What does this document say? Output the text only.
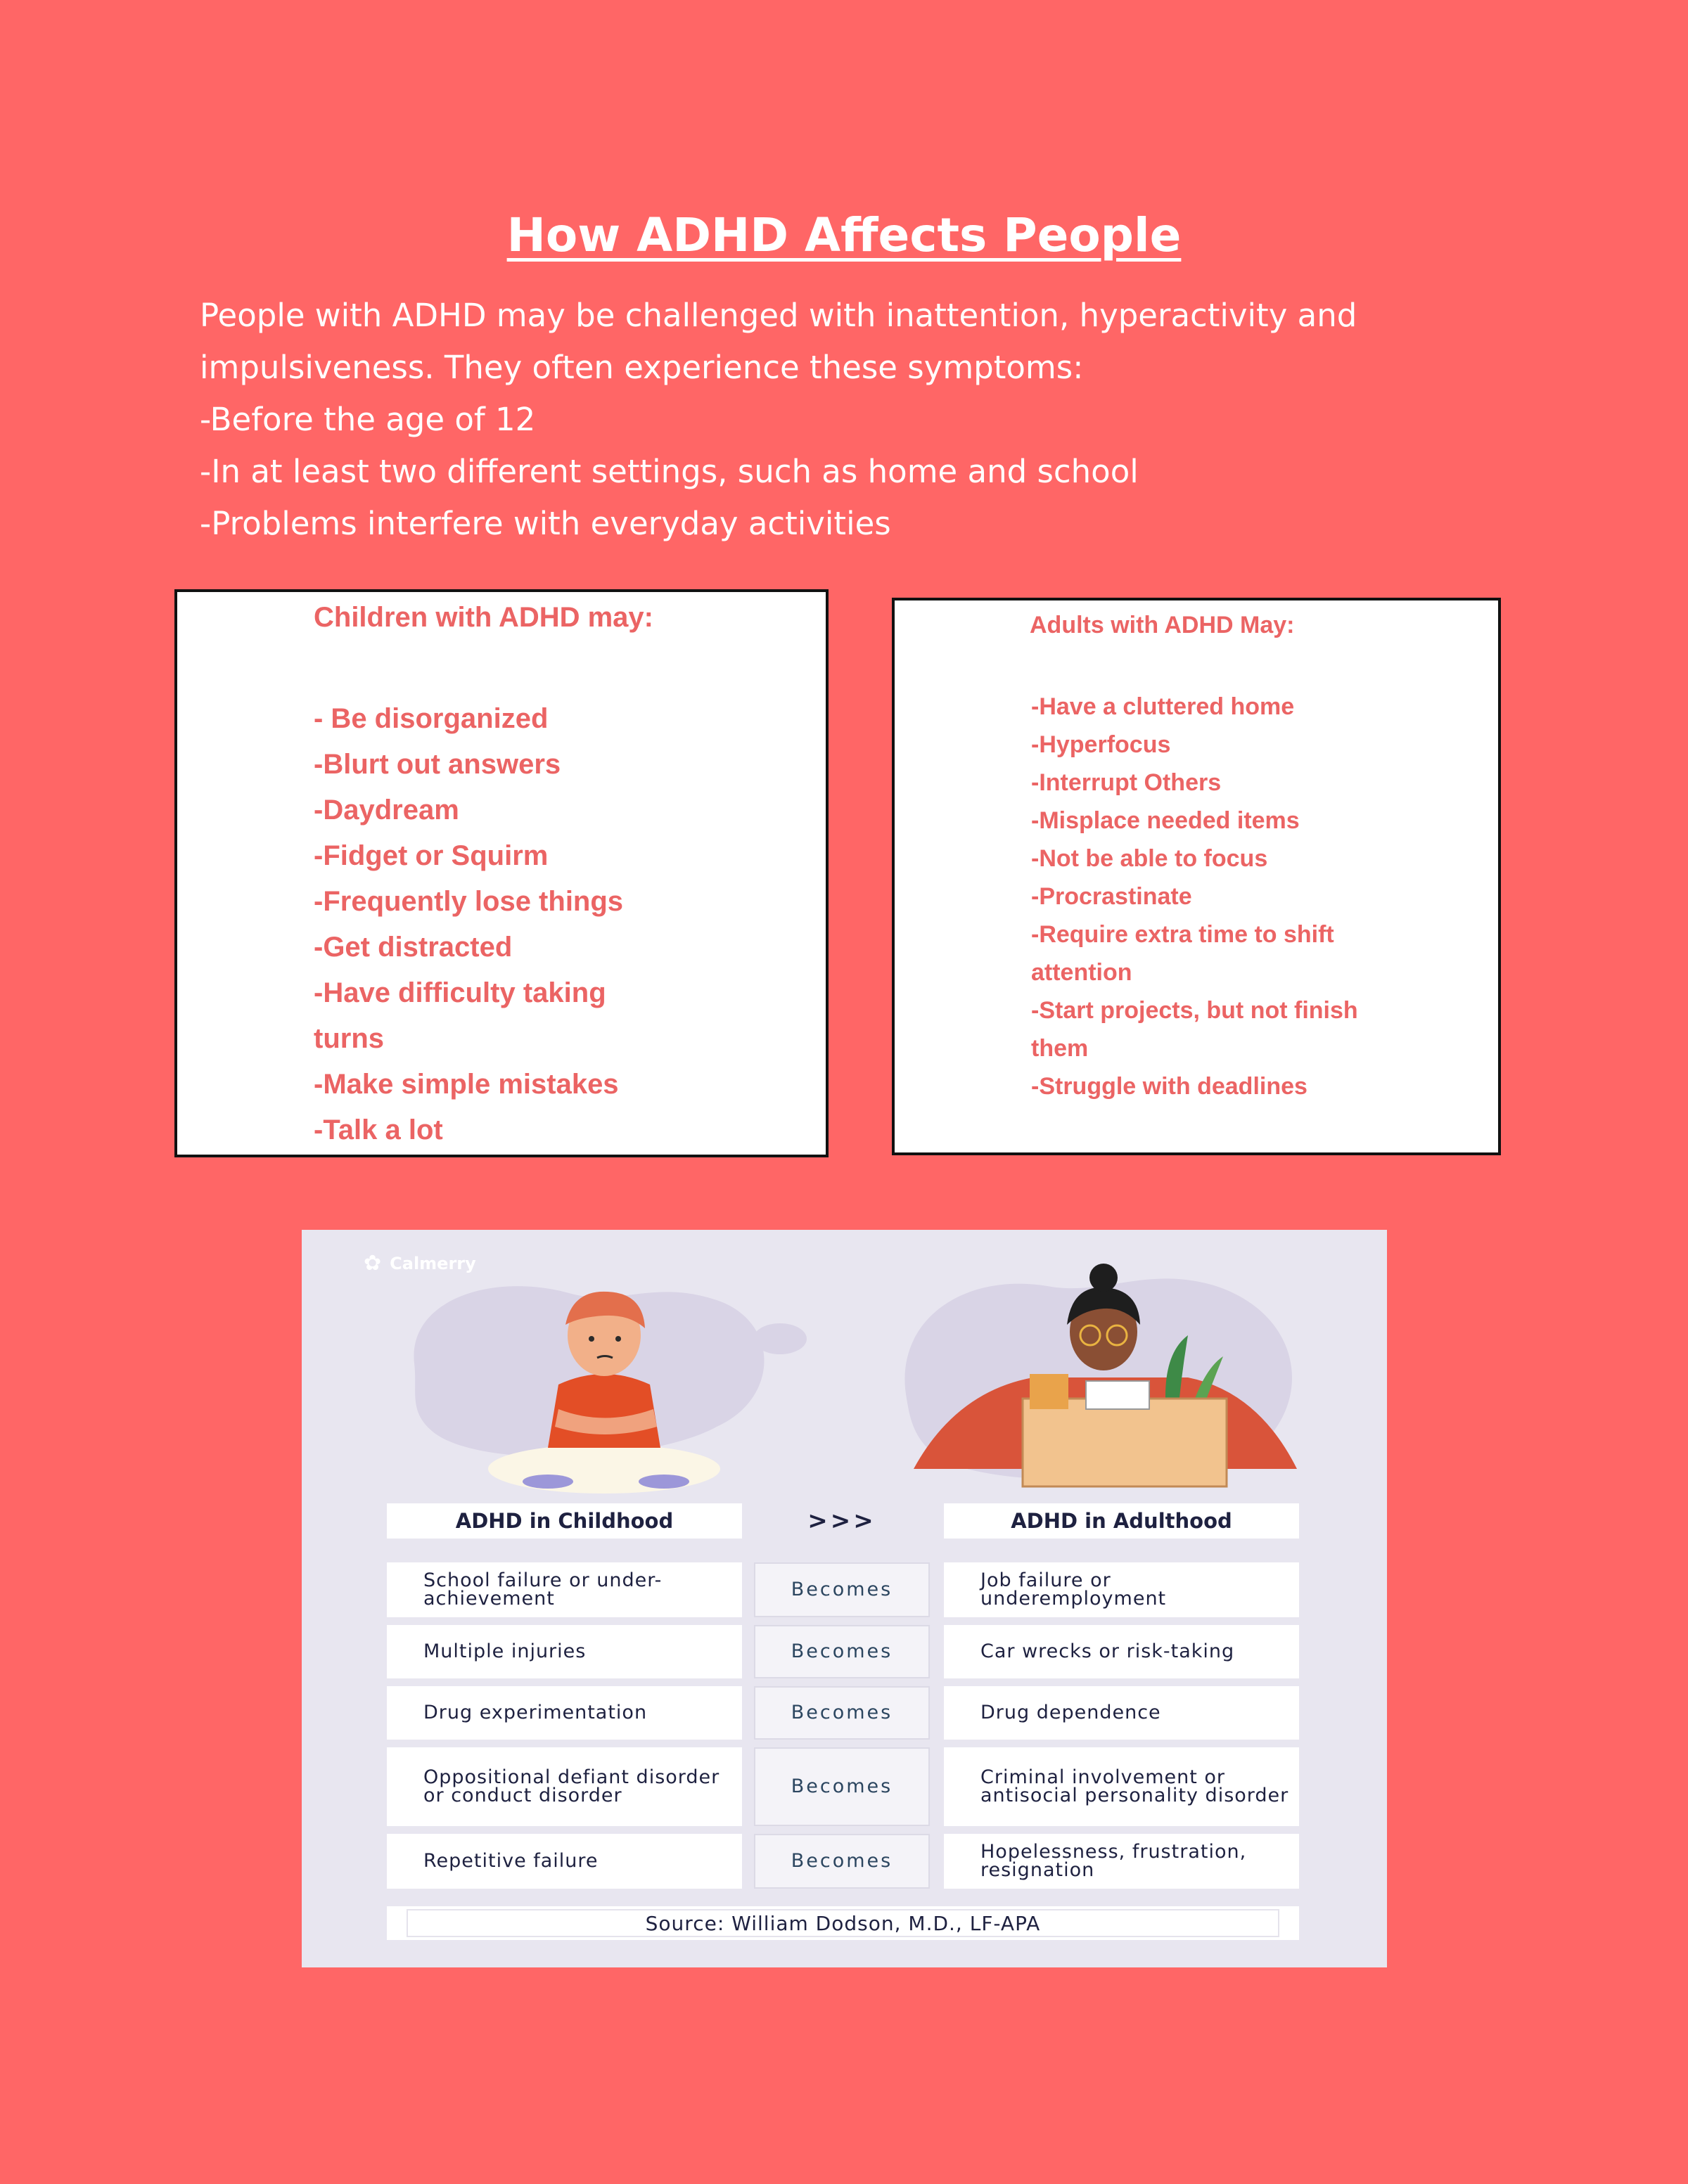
How ADHD Affects People

People with ADHD may be challenged with inattention, hyperactivity and

impulsiveness. They often experience these symptoms:

-Before the age of 12

-In at least two different settings, such as home and school

-Problems interfere with everyday activities

Children with ADHD may:
- Be disorganized
-Blurt out answers
-Daydream
-Fidget or Squirm
-Frequently lose things
-Get distracted
-Have difficulty taking turns
-Make simple mistakes
-Talk a lot
Adults with ADHD May:
-Have a cluttered home
-Hyperfocus
-Interrupt Others
-Misplace needed items
-Not be able to focus
-Procrastinate
-Require extra time to shift attention
-Start projects, but not finish them
-Struggle with deadlines
✿ Calmerry
ADHD in Childhood	>>>	ADHD in Adulthood
School failure or under-achievement	Becomes	Job failure or underemployment
Multiple injuries	Becomes	Car wrecks or risk-taking
Drug experimentation	Becomes	Drug dependence
Oppositional defiant disorder or conduct disorder	Becomes	Criminal involvement or antisocial personality disorder
Repetitive failure	Becomes	Hopelessness, frustration, resignation
Source: William Dodson, M.D., LF-APA
